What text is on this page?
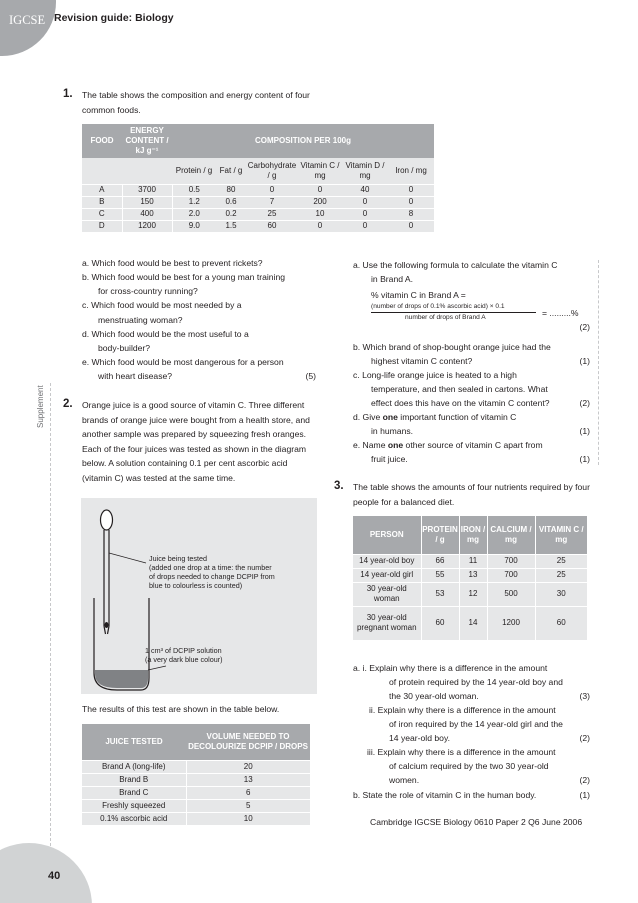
IGCSE Revision guide: Biology
Supplement
1. The table shows the composition and energy content of four common foods.
FOOD	ENERGY CONTENT / kJ g⁻¹	COMPOSITION PER 100g					
		Protein / g	Fat / g	Carbohydrate / g	Vitamin C / mg	Vitamin D / mg	Iron / mg
A	3700	0.5	80	0	0	40	0
B	150	1.2	0.6	7	200	0	0
C	400	2.0	0.2	25	10	0	8
D	1200	9.0	1.5	60	0	0	0
a. Which food would be best to prevent rickets?
b. Which food would be best for a young man training
for cross-country running?
c. Which food would be most needed by a
menstruating woman?
d. Which food would be the most useful to a
body-builder?
e. Which food would be most dangerous for a person
with heart disease?	(5)
2. Orange juice is a good source of vitamin C. Three different brands of orange juice were bought from a health store, and another sample was prepared by squeezing fresh oranges. Each of the four juices was tested as shown in the diagram below. A solution containing 0.1 per cent ascorbic acid (vitamin C) was tested at the same time.
Juice being tested
(added one drop at a time: the number
of drops needed to change DCPIP from
blue to colourless is counted)
1 cm³ of DCPIP solution
(a very dark blue colour)
The results of this test are shown in the table below.
JUICE TESTED	VOLUME NEEDED TO DECOLOURIZE DCPIP / DROPS
Brand A (long-life)	20
Brand B	13
Brand C	6
Freshly squeezed	5
0.1% ascorbic acid	10
a. Use the following formula to calculate the vitamin C
in Brand A.
% vitamin C in Brand A =
(number of drops of 0.1% ascorbic acid) × 0.1
number of drops of Brand A	= .........%
(2)
b. Which brand of shop-bought orange juice had the
highest vitamin C content?	(1)
c. Long-life orange juice is heated to a high
temperature, and then sealed in cartons. What
effect does this have on the vitamin C content?	(2)
d. Give one important function of vitamin C
in humans.	(1)
e. Name one other source of vitamin C apart from
fruit juice.	(1)
3. The table shows the amounts of four nutrients required by four people for a balanced diet.
PERSON	PROTEIN / g	IRON / mg	CALCIUM / mg	VITAMIN C / mg
14 year-old boy	66	11	700	25
14 year-old girl	55	13	700	25
30 year-old woman	53	12	500	30
30 year-old pregnant woman	60	14	1200	60
a. i. Explain why there is a difference in the amount
of protein required by the 14 year-old boy and
the 30 year-old woman.	(3)
ii. Explain why there is a difference in the amount
of iron required by the 14 year-old girl and the
14 year-old boy.	(2)
iii. Explain why there is a difference in the amount
of calcium required by the two 30 year-old
women.	(2)
b. State the role of vitamin C in the human body.	(1)
Cambridge IGCSE Biology 0610 Paper 2 Q6 June 2006
40
